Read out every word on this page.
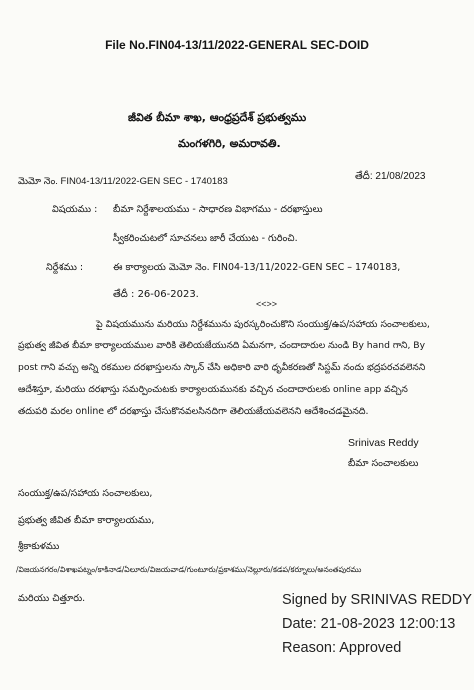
File No.FIN04-13/11/2022-GENERAL SEC-DOID
జీవిత బీమా శాఖ, ఆంధ్రప్రదేశ్ ప్రభుత్వము
మంగళగిరి, అమరావతి.
మెమో నెం. FIN04-13/11/2022-GEN SEC - 1740183	తేదీ: 21/08/2023
విషయము : బీమా నిర్దేశాలయము - సాధారణ విభాగము - దరఖాస్తులు
స్వీకరించుటలో సూచనలు జారీ చేయుట - గురించి.
నిర్దేశము :	ఈ కార్యాలయ మెమో నెం. FIN04-13/11/2022-GEN SEC – 1740183,
తేదీ : 26-06-2023.
<<>>
పై విషయమును మరియు నిర్దేశమును పురస్కరించుకొని సంయుక్త/ఉప/సహాయ సంచాలకులు,
ప్రభుత్వ జీవిత బీమా కార్యాలయముల వారికి తెలియజేయునది ఏమనగా, చందాదారుల నుండి By hand గాని, By
post గాని వచ్చు అన్ని రకముల దరఖాస్తులను స్కాన్ చేసి అధికారి వారి ధృవీకరణతో సిస్టమ్ నందు భద్రపరచవలెనని
ఆదేశిస్తూ, మరియు దరఖాస్తు సమర్పించుటకు కార్యాలయమునకు వచ్చిన చందాదారులకు online app వచ్చిన
తదుపరి మరల online లో దరఖాస్తు చేసుకొనవలసినదిగా తెలియజేయవలెనని ఆదేశించడమైనది.
Srinivas Reddy
బీమా సంచాలకులు
సంయుక్త/ఉప/సహాయ సంచాలకులు,
ప్రభుత్వ జీవిత బీమా కార్యాలయము,
శ్రీకాకుళము
/విజయనగరం/విశాఖపట్నం/కాకినాడ/ఏలూరు/విజయవాడ/గుంటూరు/ప్రకాశము/నెల్లూరు/కడప/కర్నూలు/అనంతపురము
మరియు చిత్తూరు.	Signed by SRINIVAS REDDY
Date: 21-08-2023 12:00:13
Reason: Approved
